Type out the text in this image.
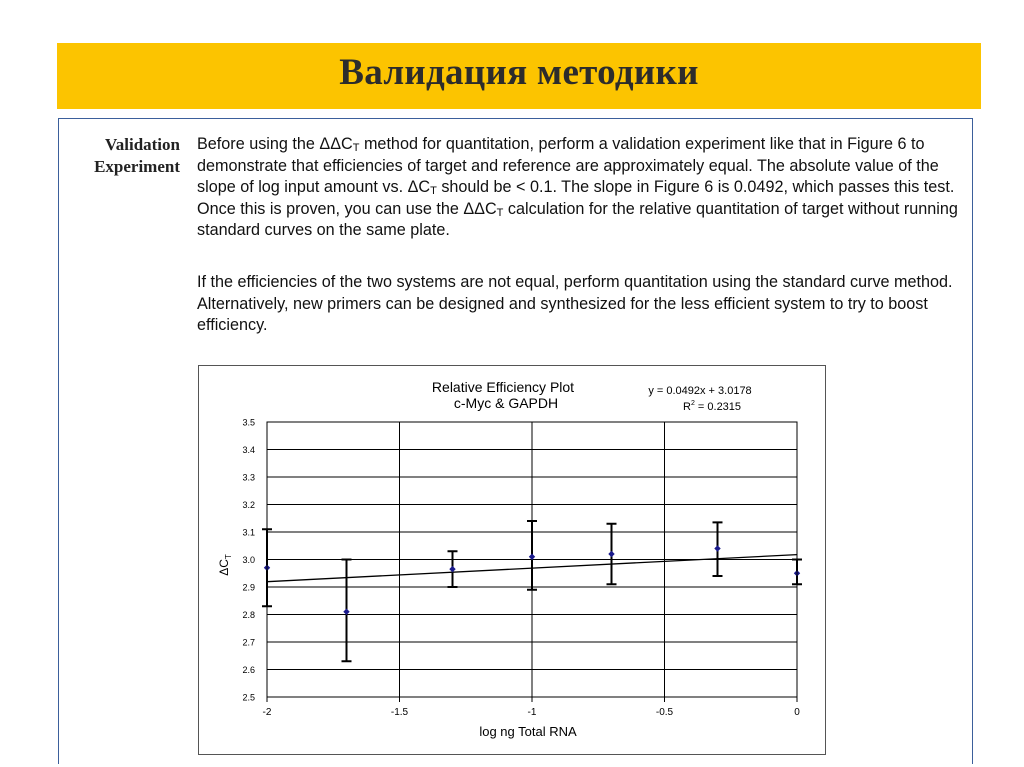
Валидация методики
Validation
Experiment
Before using the $\Delta\Delta C_T$ method for quantitation, perform a validation experiment like that in Figure 6 to demonstrate that efficiencies of target and reference are approximately equal. The absolute value of the slope of log input amount vs. $\Delta C_T$ should be < 0.1. The slope in Figure 6 is 0.0492, which passes this test. Once this is proven, you can use the $\Delta\Delta C_T$ calculation for the relative quantitation of target without running standard curves on the same plate.
If the efficiencies of the two systems are not equal, perform quantitation using the standard curve method. Alternatively, new primers can be designed and synthesized for the less efficient system to try to boost efficiency.
2.5
2.6
2.7
2.8
2.9
3.0
3.1
3.2
3.3
3.4
3.5
-2	-1.5	-1	-0.5	0
Relative Efficiency Plot
c-Myc & GAPDH
y = 0.0492x + 3.0178
$R^2 = 0.2315$
log ng Total RNA
$\Delta C_T$
